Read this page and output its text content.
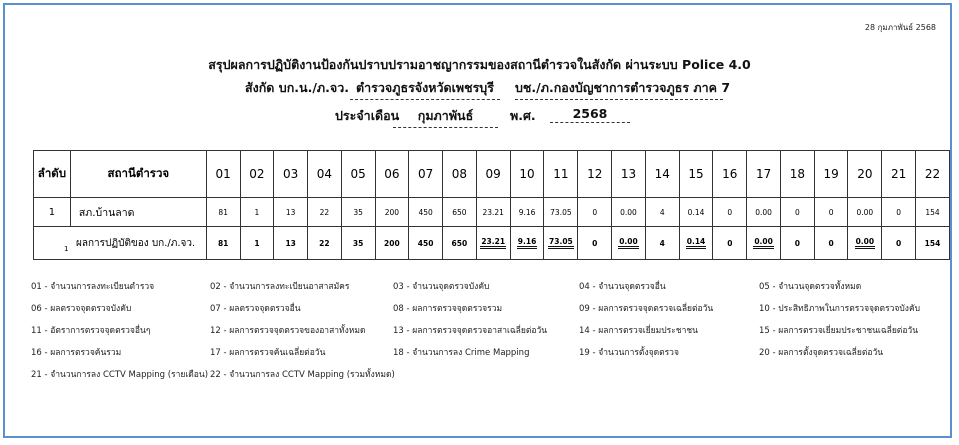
28 กุมภาพันธ์ 2568
สรุปผลการปฏิบัติงานป้องกันปราบปรามอาชญากรรมของสถานีตำรวจในสังกัด ผ่านระบบ Police 4.0
สังกัด บก.น./ภ.จว. ตำรวจภูธรจังหวัดเพชรบุรี	บช./ภ.กองบัญชาการตำรวจภูธร ภาค 7
ประจำเดือน	กุมภาพันธ์	พ.ศ.	2568
ลำดับ	สถานีตำรวจ	01	02	03	04	05	06	07	08	09	10	11	12	13	14	15	16	17	18	19	20	21	22
1	สภ.บ้านลาด	81	1	13	22	35	200	450	650	23.21	9.16	73.05	0	0.00	4	0.14	0	0.00	0	0	0.00	0	154

1 ผลการปฏิบัติของ บก./ภ.จว.		81	1	13	22	35	200	450	650	23.21	9.16	73.05	0	0.00	4	0.14	0	0.00	0	0	0.00	0	154
01 - จำนวนการลงทะเบียนตำรวจ	02 - จำนวนการลงทะเบียนอาสาสมัคร	03 - จำนวนจุดตรวจบังคับ	04 - จำนวนจุดตรวจอื่น	05 - จำนวนจุดตรวจทั้งหมด
06 - ผลตรวจจุดตรวจบังคับ	07 - ผลตรวจจุดตรวจอื่น	08 - ผลการตรวจจุดตรวจรวม	09 - ผลการตรวจจุดตรวจเฉลี่ยต่อวัน	10 - ประสิทธิภาพในการตรวจจุดตรวจบังคับ
11 - อัตราการตรวจจุดตรวจอื่นๆ	12 - ผลการตรวจจุดตรวจของอาสาทั้งหมด	13 - ผลการตรวจจุดตรวจอาสาเฉลี่ยต่อวัน	14 - ผลการตรวจเยี่ยมประชาชน	15 - ผลการตรวจเยี่ยมประชาชนเฉลี่ยต่อวัน
16 - ผลการตรวจค้นรวม	17 - ผลการตรวจค้นเฉลี่ยต่อวัน	18 - จำนวนการลง Crime Mapping	19 - จำนวนการตั้งจุดตรวจ	20 - ผลการตั้งจุดตรวจเฉลี่ยต่อวัน
21 - จำนวนการลง CCTV Mapping (รายเดือน) 22 - จำนวนการลง CCTV Mapping (รวมทั้งหมด)
